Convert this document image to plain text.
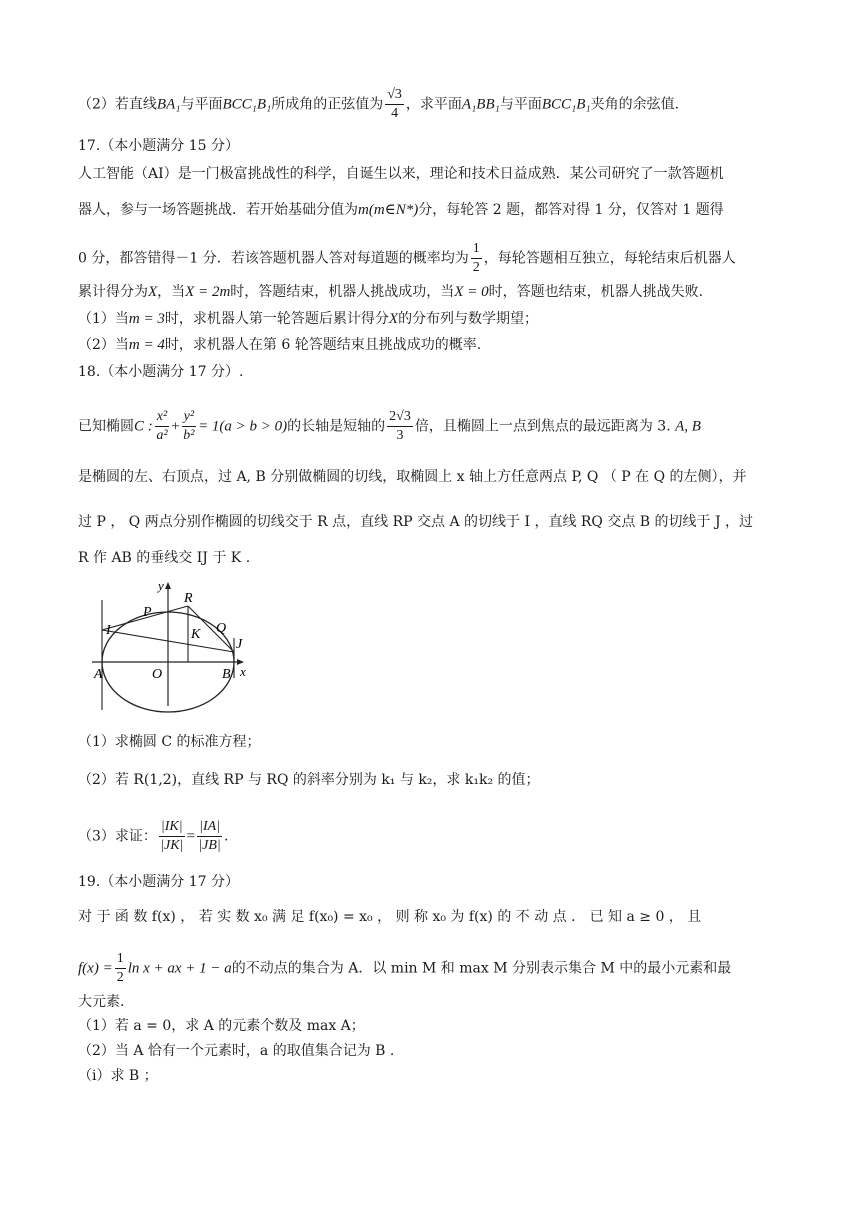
（2）若直线BA₁与平面BCC₁B₁所成角的正弦值为 $\frac{√3}{4}$ ，求平面A₁BB₁与平面BCC₁B₁夹角的余弦值.
17.（本小题满分 15 分）
人工智能（AI）是一门极富挑战性的科学，自诞生以来，理论和技术日益成熟．某公司研究了一款答题机
器人，参与一场答题挑战．若开始基础分值为m(m∈N*)分，每轮答 2 题，都答对得 1 分，仅答对 1 题得
0 分，都答错得－1 分．若该答题机器人答对每道题的概率均为 $\frac{1}{2}$ ，每轮答题相互独立，每轮结束后机器人
累计得分为X，当X = 2m时，答题结束，机器人挑战成功，当X = 0时，答题也结束，机器人挑战失败.
（1）当m = 3时，求机器人第一轮答题后累计得分X的分布列与数学期望；
（2）当m = 4时，求机器人在第 6 轮答题结束且挑战成功的概率.
18.（本小题满分 17 分）.
已知椭圆C : $\frac{\text{x²}}{\text{a²}} + \frac{\text{y²}}{\text{b²}} = 1(a > b > 0)$的长轴是短轴的 $\frac{2√3}{3}$ 倍，且椭圆上一点到焦点的最远距离为 3. A, B
是椭圆的左、右顶点，过 A, B 分别做椭圆的切线，取椭圆上 x 轴上方任意两点 P, Q （ P 在 Q 的左侧），并
过 P ， Q 两点分别作椭圆的切线交于 R 点，直线 RP 交点 A 的切线于 I ，直线 RQ 交点 B 的切线于 J ，过
R 作 AB 的垂线交 IJ 于 K .
y
R
P
I	K Q
J
A	O	B x
（1）求椭圆 C 的标准方程；
（2）若 R(1,2)，直线 RP 与 RQ 的斜率分别为 k₁ 与 k₂，求 k₁k₂ 的值；
（3）求证： $\frac{|IK|}{|JK|} = \frac{|IA|}{|JB|}$ .
19.（本小题满分 17 分）
对 于 函 数 f(x) ， 若 实 数 x₀ 满 足 f(x₀) = x₀ ， 则 称 x₀ 为 f(x) 的 不 动 点 ． 已 知 a ≥ 0 ， 且
$f(x) = \frac{1}{2}$ ln x + ax + 1 − a的不动点的集合为 A．以 min M 和 max M 分别表示集合 M 中的最小元素和最
大元素.
（1）若 a = 0，求 A 的元素个数及 max A；
（2）当 A 恰有一个元素时，a 的取值集合记为 B .
（i）求 B ；
